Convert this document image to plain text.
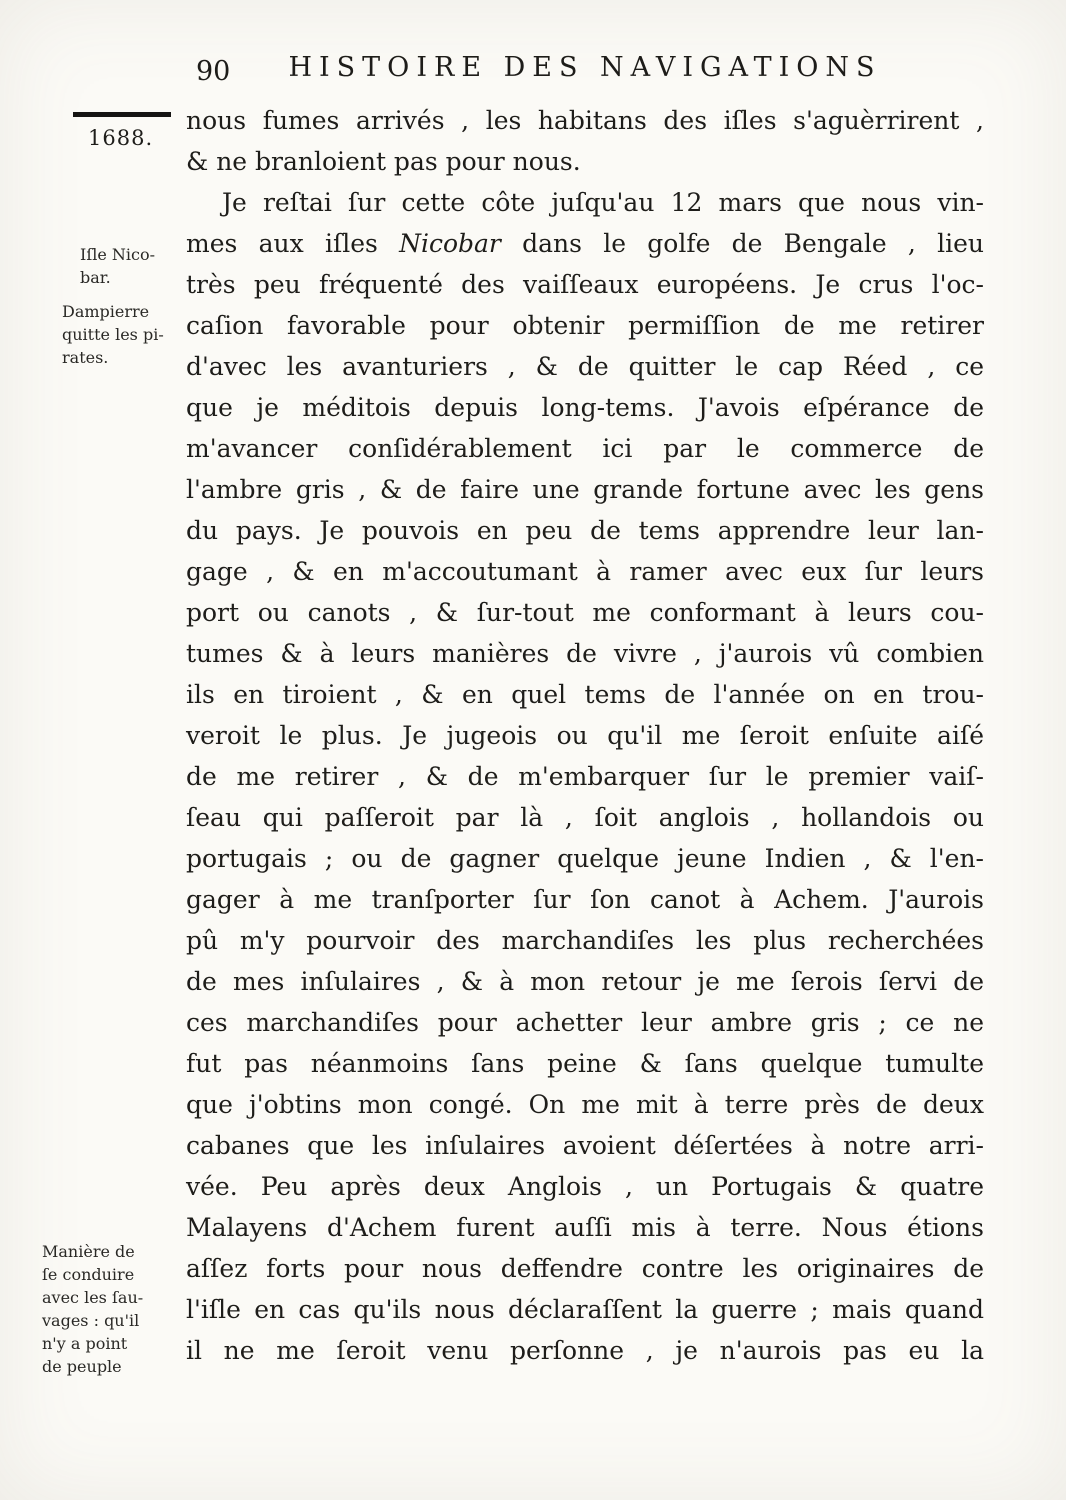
90	HISTOIRE DES NAVIGATIONS
1688.
Iſle Nico-
bar.
Dampierre
quitte les pi-
rates.
Manière de
ſe conduire
avec les ſau-
vages : qu'il
n'y a point
de peuple
nous fumes arrivés , les habitans des iſles s'aguèrrirent ,
& ne branloient pas pour nous.
Je reſtai ſur cette côte juſqu'au 12 mars que nous vin-
mes aux iſles Nicobar dans le golfe de Bengale , lieu
très peu fréquenté des vaiſſeaux européens. Je crus l'oc-
caſion favorable pour obtenir permiſſion de me retirer
d'avec les avanturiers , & de quitter le cap Réed , ce
que je méditois depuis long-tems. J'avois eſpérance de
m'avancer conſidérablement ici par le commerce de
l'ambre gris , & de faire une grande fortune avec les gens
du pays. Je pouvois en peu de tems apprendre leur lan-
gage , & en m'accoutumant à ramer avec eux ſur leurs
port ou canots , & ſur-tout me conformant à leurs cou-
tumes & à leurs manières de vivre , j'aurois vû combien
ils en tiroient , & en quel tems de l'année on en trou-
veroit le plus. Je jugeois ou qu'il me ſeroit enſuite aiſé
de me retirer , & de m'embarquer ſur le premier vaiſ-
ſeau qui paſſeroit par là , ſoit anglois , hollandois ou
portugais ; ou de gagner quelque jeune Indien , & l'en-
gager à me tranſporter ſur ſon canot à Achem. J'aurois
pû m'y pourvoir des marchandiſes les plus recherchées
de mes inſulaires , & à mon retour je me ſerois ſervi de
ces marchandiſes pour achetter leur ambre gris ; ce ne
fut pas néanmoins ſans peine & ſans quelque tumulte
que j'obtins mon congé. On me mit à terre près de deux
cabanes que les inſulaires avoient déſertées à notre arri-
vée. Peu après deux Anglois , un Portugais & quatre
Malayens d'Achem furent auſſi mis à terre. Nous étions
aſſez forts pour nous deffendre contre les originaires de
l'iſle en cas qu'ils nous déclaraſſent la guerre ; mais quand
il ne me ſeroit venu perſonne , je n'aurois pas eu la
